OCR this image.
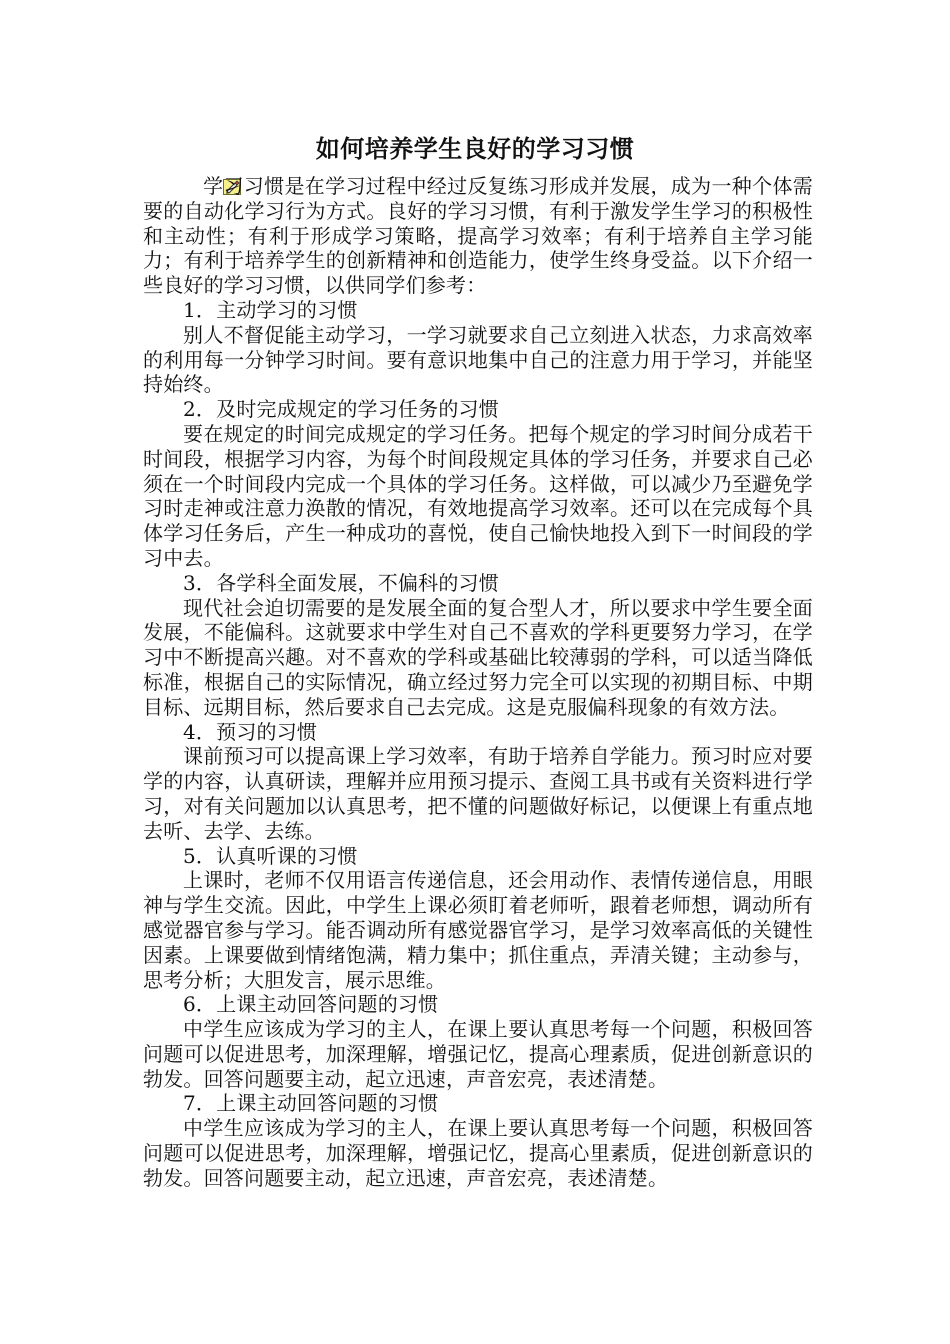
如何培养学生良好的学习习惯

学习习惯是在学习过程中经过反复练习形成并发展，成为一种个体需要的自动化学习行为方式。良好的学习习惯，有利于激发学生学习的积极性和主动性；有利于形成学习策略，提高学习效率；有利于培养自主学习能力；有利于培养学生的创新精神和创造能力，使学生终身受益。以下介绍一些良好的学习习惯，以供同学们参考：

1．主动学习的习惯

别人不督促能主动学习，一学习就要求自己立刻进入状态，力求高效率的利用每一分钟学习时间。要有意识地集中自己的注意力用于学习，并能坚持始终。

2．及时完成规定的学习任务的习惯

要在规定的时间完成规定的学习任务。把每个规定的学习时间分成若干时间段，根据学习内容，为每个时间段规定具体的学习任务，并要求自己必须在一个时间段内完成一个具体的学习任务。这样做，可以减少乃至避免学习时走神或注意力涣散的情况，有效地提高学习效率。还可以在完成每个具体学习任务后，产生一种成功的喜悦，使自己愉快地投入到下一时间段的学习中去。

3．各学科全面发展，不偏科的习惯

现代社会迫切需要的是发展全面的复合型人才，所以要求中学生要全面发展，不能偏科。这就要求中学生对自己不喜欢的学科更要努力学习，在学习中不断提高兴趣。对不喜欢的学科或基础比较薄弱的学科，可以适当降低标准，根据自己的实际情况，确立经过努力完全可以实现的初期目标、中期目标、远期目标，然后要求自己去完成。这是克服偏科现象的有效方法。

4．预习的习惯

课前预习可以提高课上学习效率，有助于培养自学能力。预习时应对要学的内容，认真研读，理解并应用预习提示、查阅工具书或有关资料进行学习，对有关问题加以认真思考，把不懂的问题做好标记，以便课上有重点地去听、去学、去练。

5．认真听课的习惯

上课时，老师不仅用语言传递信息，还会用动作、表情传递信息，用眼神与学生交流。因此，中学生上课必须盯着老师听，跟着老师想，调动所有感觉器官参与学习。能否调动所有感觉器官学习，是学习效率高低的关键性因素。上课要做到情绪饱满，精力集中；抓住重点，弄清关键；主动参与，思考分析；大胆发言，展示思维。

6．上课主动回答问题的习惯

中学生应该成为学习的主人，在课上要认真思考每一个问题，积极回答问题可以促进思考，加深理解，增强记忆，提高心理素质，促进创新意识的勃发。回答问题要主动，起立迅速，声音宏亮，表述清楚。

7．上课主动回答问题的习惯

中学生应该成为学习的主人，在课上要认真思考每一个问题，积极回答问题可以促进思考，加深理解，增强记忆，提高心里素质，促进创新意识的勃发。回答问题要主动，起立迅速，声音宏亮，表述清楚。
